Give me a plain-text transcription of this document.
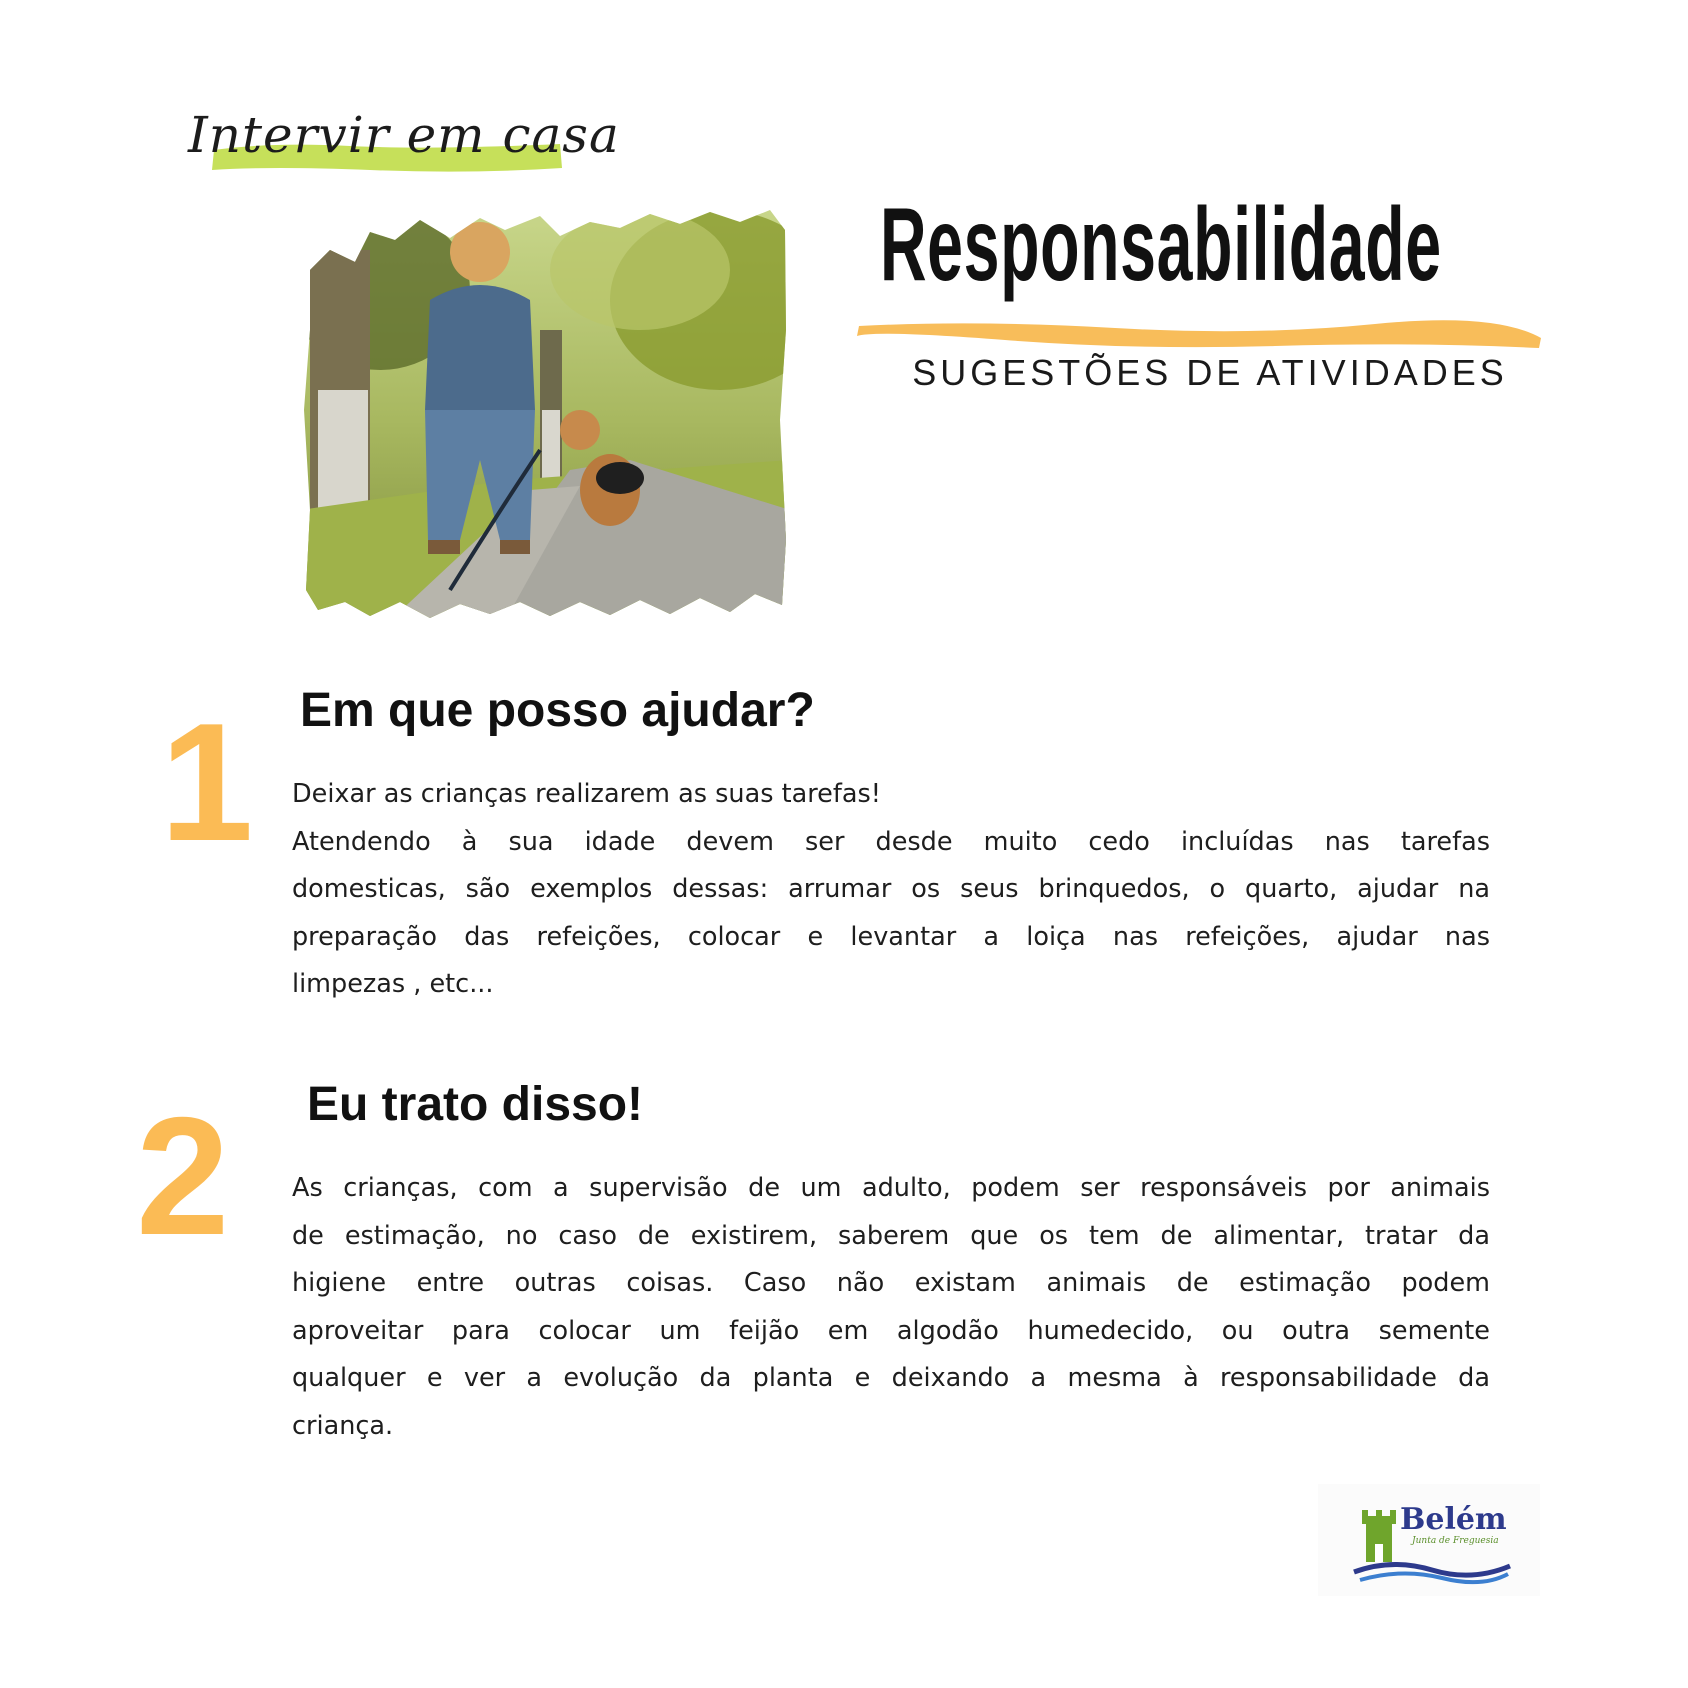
Intervir em casa
Responsabilidade
SUGESTÕES DE ATIVIDADES
1 Em que posso ajudar?
Deixar as crianças realizarem as suas tarefas!
Atendendo à sua idade devem ser desde muito cedo incluídas nas tarefas
domesticas, são exemplos dessas: arrumar os seus brinquedos, o quarto, ajudar na
preparação das refeições, colocar e levantar a loiça nas refeições, ajudar nas
limpezas , etc...
2 Eu trato disso!
As crianças, com a supervisão de um adulto, podem ser responsáveis por animais
de estimação, no caso de existirem, saberem que os tem de alimentar, tratar da
higiene entre outras coisas. Caso não existam animais de estimação podem
aproveitar para colocar um feijão em algodão humedecido, ou outra semente
qualquer e ver a evolução da planta e deixando a mesma à responsabilidade da
criança.
Belém
Junta de Freguesia
